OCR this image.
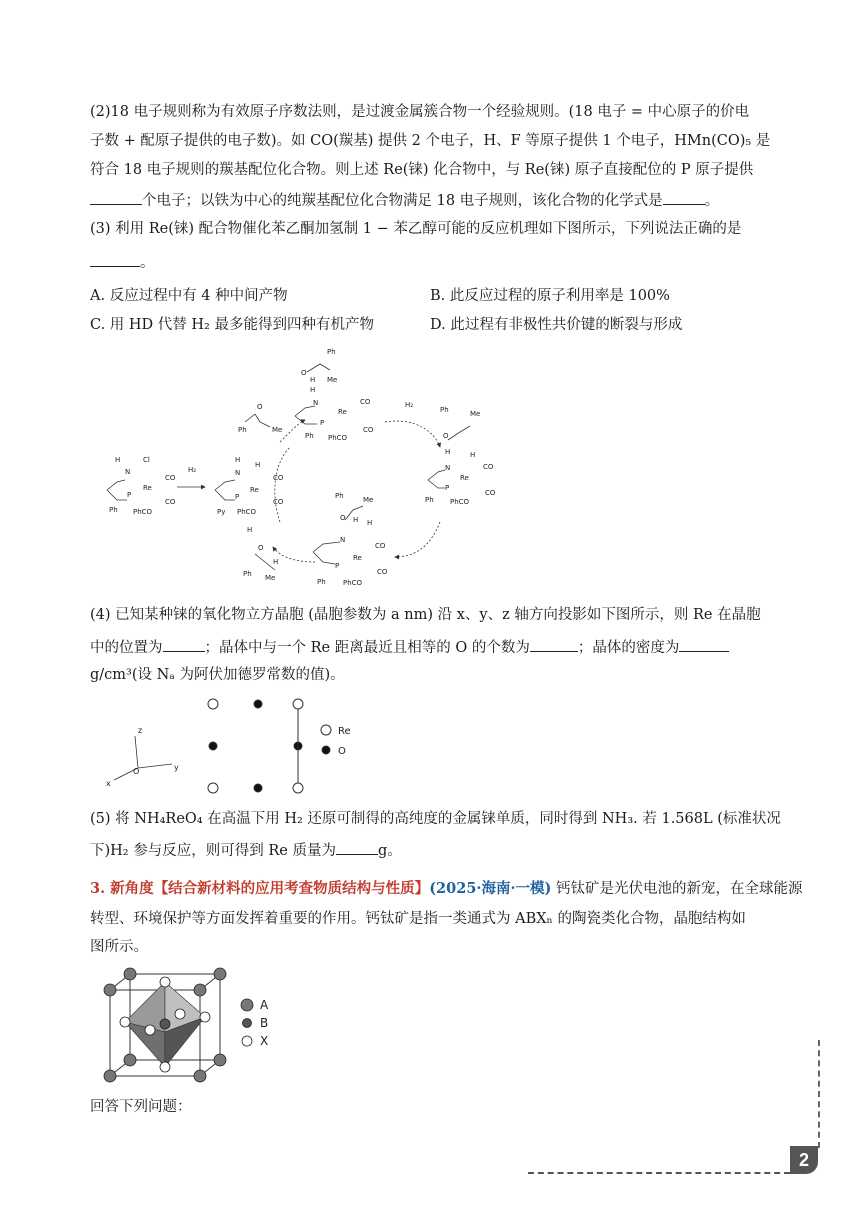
(2)18 电子规则称为有效原子序数法则，是过渡金属簇合物一个经验规则。(18 电子 = 中心原子的价电
子数 + 配原子提供的电子数)。如 CO(羰基) 提供 2 个电子，H、F 等原子提供 1 个电子，HMn(CO)₅ 是
符合 18 电子规则的羰基配位化合物。则上述 Re(铼) 化合物中，与 Re(铼) 原子直接配位的 P 原子提供
个电子；以铁为中心的纯羰基配位化合物满足 18 电子规则，该化合物的化学式是	。
(3) 利用 Re(铼) 配合物催化苯乙酮加氢制 1 − 苯乙醇可能的反应机理如下图所示，下列说法正确的是
。
A. 反应过程中有 4 种中间产物	B. 此反应过程的原子利用率是 100%
C. 用 HD 代替 H₂ 最多能得到四种有机产物	D. 此过程有非极性共价键的断裂与形成
H	Cl
N
Re
CO
CO
P
Ph PhCO
H
H
N
Re
CO
CO
P
Py PhCO
Ph
O
H Me
H
N
Re
CO
CO
P
Ph PhCO
O
Ph	Me
H₂
Ph	Me
O
H	H
N
Re
CO
CO
P
Ph PhCO
Ph	Me
O H H
N
Re
CO
CO
P
Ph PhCO
H
O
H
Ph Me
H₂
(4) 已知某种铼的氧化物立方晶胞 (晶胞参数为 a nm) 沿 x、y、z 轴方向投影如下图所示，则 Re 在晶胞
中的位置为	；晶体中与一个 Re 距离最近且相等的 O 的个数为	；晶体的密度为
g/cm³(设 Nₐ 为阿伏加德罗常数的值)。
z
y
x
O
Re
O
(5) 将 NH₄ReO₄ 在高温下用 H₂ 还原可制得的高纯度的金属铼单质，同时得到 NH₃. 若 1.568L (标准状况
下)H₂ 参与反应，则可得到 Re 质量为	g。
3. 新角度【结合新材料的应用考查物质结构与性质】(2025·海南·一模) 钙钛矿是光伏电池的新宠，在全球能源
转型、环境保护等方面发挥着重要的作用。钙钛矿是指一类通式为 ABXₙ 的陶瓷类化合物，晶胞结构如
图所示。
A
B
X
回答下列问题：
2
